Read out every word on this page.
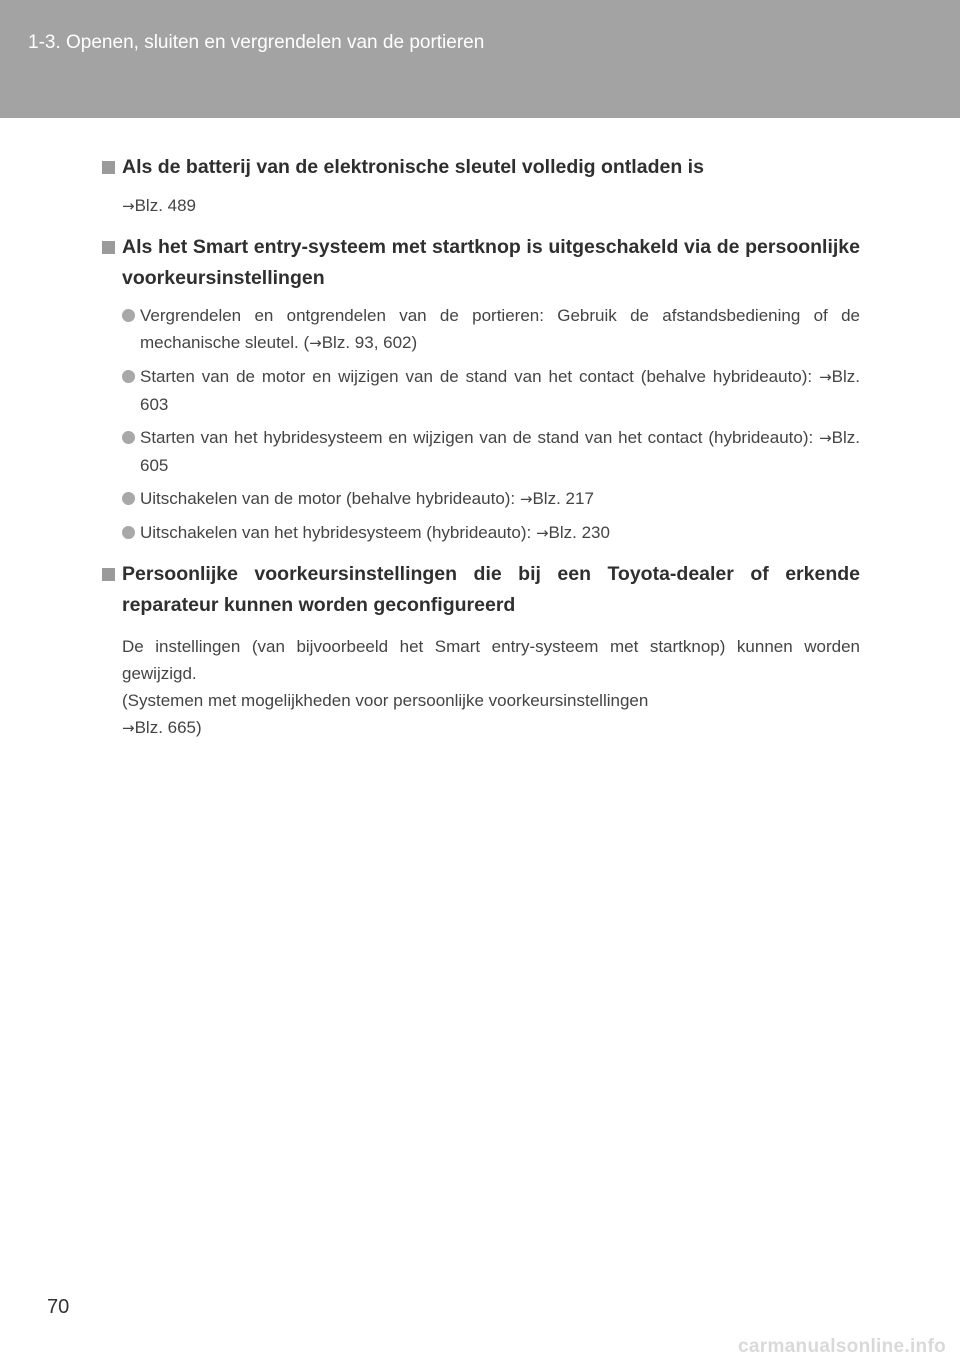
1-3. Openen, sluiten en vergrendelen van de portieren
Als de batterij van de elektronische sleutel volledig ontladen is
→Blz. 489
Als het Smart entry-systeem met startknop is uitgeschakeld via de persoonlijke voorkeursinstellingen
Vergrendelen en ontgrendelen van de portieren: Gebruik de afstandsbediening of de mechanische sleutel. (→Blz. 93, 602)
Starten van de motor en wijzigen van de stand van het contact (behalve hybrideauto): →Blz. 603
Starten van het hybridesysteem en wijzigen van de stand van het contact (hybrideauto): →Blz. 605
Uitschakelen van de motor (behalve hybrideauto): →Blz. 217
Uitschakelen van het hybridesysteem (hybrideauto): →Blz. 230
Persoonlijke voorkeursinstellingen die bij een Toyota-dealer of erkende reparateur kunnen worden geconfigureerd
De instellingen (van bijvoorbeeld het Smart entry-systeem met startknop) kunnen worden gewijzigd.
(Systemen met mogelijkheden voor persoonlijke voorkeursinstellingen
→Blz. 665)
70
carmanualsonline.info
